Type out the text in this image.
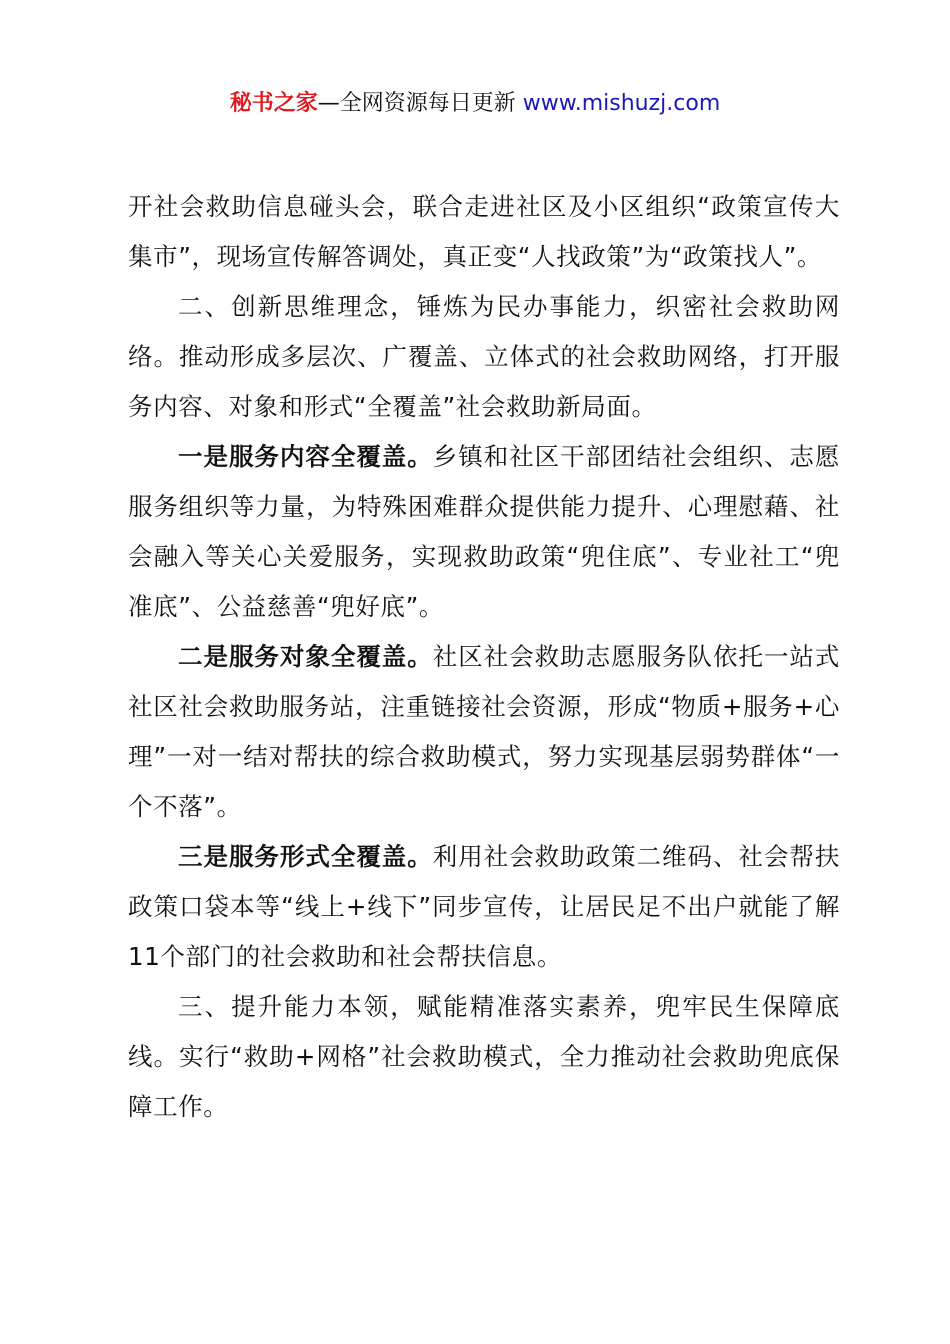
秘书之家—全网资源每日更新 www.mishuzj.com

开社会救助信息碰头会，联合走进社区及小区组织“政策宣传大集市”，现场宣传解答调处，真正变“人找政策”为“政策找人”。

二、创新思维理念，锤炼为民办事能力，织密社会救助网络。推动形成多层次、广覆盖、立体式的社会救助网络，打开服务内容、对象和形式“全覆盖”社会救助新局面。

一是服务内容全覆盖。乡镇和社区干部团结社会组织、志愿服务组织等力量，为特殊困难群众提供能力提升、心理慰藉、社会融入等关心关爱服务，实现救助政策“兜住底”、专业社工“兜准底”、公益慈善“兜好底”。

二是服务对象全覆盖。社区社会救助志愿服务队依托一站式社区社会救助服务站，注重链接社会资源，形成“物质+服务+心理”一对一结对帮扶的综合救助模式，努力实现基层弱势群体“一个不落”。

三是服务形式全覆盖。利用社会救助政策二维码、社会帮扶政策口袋本等“线上+线下”同步宣传，让居民足不出户就能了解11个部门的社会救助和社会帮扶信息。

三、提升能力本领，赋能精准落实素养，兜牢民生保障底线。实行“救助+网格”社会救助模式，全力推动社会救助兜底保障工作。
